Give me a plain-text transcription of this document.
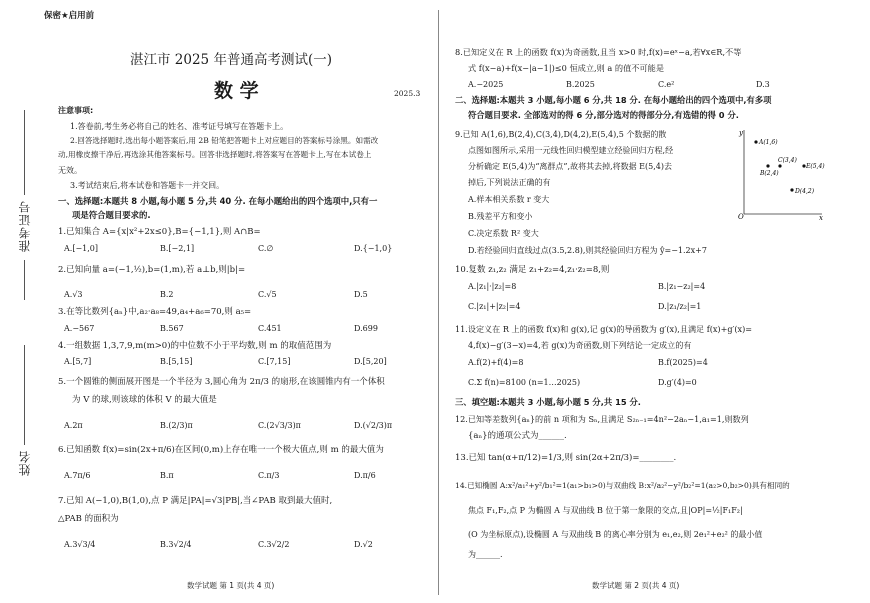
保密★启用前
准考证号
姓名
湛江市 2025 年普通高考测试(一)
数 学	2025.3
注意事项:
1.答卷前,考生务必将自己的姓名、准考证号填写在答题卡上。
2.回答选择题时,选出每小题答案后,用 2B 铅笔把答题卡上对应题目的答案标号涂黑。如需改
动,用橡皮擦干净后,再选涂其他答案标号。回答非选择题时,将答案写在答题卡上,写在本试卷上
无效。
3.考试结束后,将本试卷和答题卡一并交回。
一、选择题:本题共 8 小题,每小题 5 分,共 40 分. 在每小题给出的四个选项中,只有一
项是符合题目要求的.
1.已知集合 A={x|x²+2x≤0},B={−1,1},则 A∩B=
A.[−1,0]	B.[−2,1]	C.∅	D.{−1,0}
2.已知向量 a=(−1,½),b=(1,m),若 a⊥b,则|b|=
A.√3	B.2	C.√5	D.5
3.在等比数列{aₙ}中,a₂·a₈=49,a₄+a₆=70,则 a₅=
A.−567	B.567	C.451	D.699
4.一组数据 1,3,7,9,m(m>0)的中位数不小于平均数,则 m 的取值范围为
A.[5,7]	B.[5,15]	C.[7,15]	D.[5,20]
5.一个圆锥的侧面展开图是一个半径为 3,圆心角为 2π/3 的扇形,在该圆锥内有一个体积
为 V 的球,则该球的体积 V 的最大值是
A.2π	B.(2/3)π	C.(2√3/3)π	D.(√2/3)π
6.已知函数 f(x)=sin(2x+π/6)在区间(0,m)上存在唯一一个极大值点,则 m 的最大值为
A.7π/6	B.π	C.π/3	D.π/6
7.已知 A(−1,0),B(1,0),点 P 满足|PA|=√3|PB|,当∠PAB 取到最大值时,
△PAB 的面积为
A.3√3/4	B.3√2/4	C.3√2/2	D.√2
数学试题 第 1 页(共 4 页)
8.已知定义在 R 上的函数 f(x)为奇函数,且当 x>0 时,f(x)=eˣ−a,若∀x∈R,不等
式 f(x−a)+f(x−|a−1|)≤0 恒成立,则 a 的值不可能是
A.−2025	B.2025	C.e²	D.3
二、选择题:本题共 3 小题,每小题 6 分,共 18 分. 在每小题给出的四个选项中,有多项
符合题目要求. 全部选对的得 6 分,部分选对的得部分分,有选错的得 0 分.
9.已知 A(1,6),B(2,4),C(3,4),D(4,2),E(5,4),5 个数据的散
点图如图所示,采用一元线性回归模型建立经验回归方程,经
分析确定 E(5,4)为“离群点”,故将其去掉,将数据 E(5,4)去
掉后,下列说法正确的有
A.样本相关系数 r 变大
B.残差平方和变小
C.决定系数 R² 变大
D.若经验回归直线过点(3.5,2.8),则其经验回归方程为 ŷ=−1.2x+7
y
x
O
A(1,6)
B(2,4)
C(3,4)
D(4,2)
E(5,4)
10.复数 z₁,z₂ 满足 z₁+z₂=4,z₁·z₂=8,则
A.|z₁|·|z₂|=8	B.|z₁−z₂|=4
C.|z₁|+|z₂|=4	D.|z₁/z₂|=1
11.设定义在 R 上的函数 f(x)和 g(x),记 g(x)的导函数为 g′(x),且满足 f(x)+g′(x)=
4,f(x)−g′(3−x)=4,若 g(x)为奇函数,则下列结论一定成立的有
A.f(2)+f(4)=8	B.f(2025)=4
C.Σ f(n)=8100 (n=1…2025)	D.g′(4)=0
三、填空题:本题共 3 小题,每小题 5 分,共 15 分.
12.已知等差数列{aₙ}的前 n 项和为 Sₙ,且满足 S₂ₙ₋₁=4n²−2aₙ−1,a₁=1,则数列
{aₙ}的通项公式为______.
13.已知 tan(α+π/12)=1/3,则 sin(2α+2π/3)=________.
14.已知椭圆 A:x²/a₁²+y²/b₁²=1(a₁>b₁>0)与双曲线 B:x²/a₂²−y²/b₂²=1(a₂>0,b₂>0)具有相同的
焦点 F₁,F₂,点 P 为椭圆 A 与双曲线 B 位于第一象限的交点,且|OP|=½|F₁F₂|
(O 为坐标原点),设椭圆 A 与双曲线 B 的离心率分别为 e₁,e₂,则 2e₁²+e₂² 的最小值
为______.
数学试题 第 2 页(共 4 页)
